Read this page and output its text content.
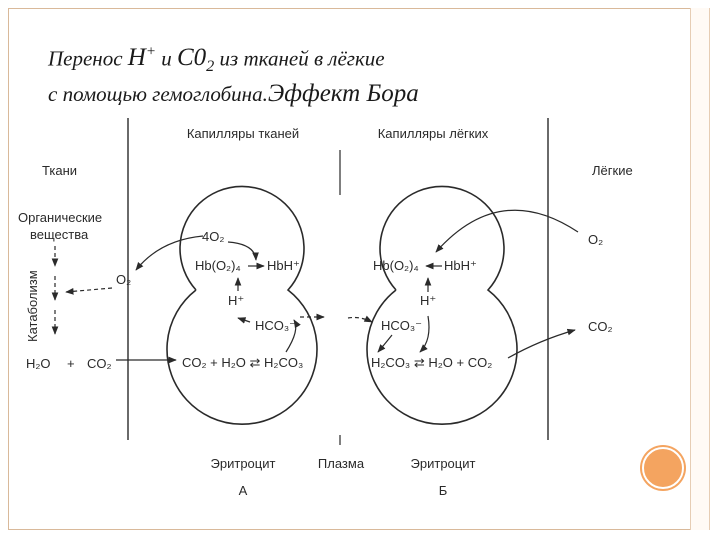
Перенос H+ и $C0_2$ из тканей в лёгкие
с помощью гемоглобина.Эффект Бора
Капилляры тканей	Капилляры лёгких
Ткани	Лёгкие
Органические
вещества
Катаболизм	O₂
H₂O + CO₂
4O₂
Hb(O₂)₄ HbH⁺
H⁺
HCO₃⁻
CO₂ + H₂O ⇄ H₂CO₃
Hb(O₂)₄ HbH⁺
H⁺
HCO₃⁻
H₂CO₃ ⇄ H₂O + CO₂
O₂
CO₂
Эритроцит	Плазма	Эритроцит
А	Б
